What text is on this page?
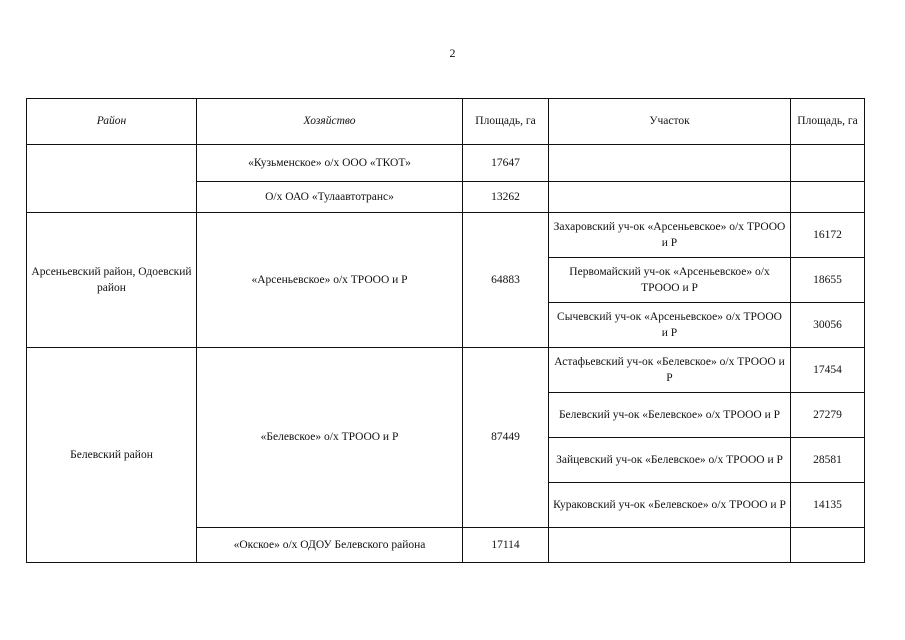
2
Район	Хозяйство	Площадь, га	Участок	Площадь, га
	«Кузьменское» о/х ООО «ТКОТ»	17647		
	О/х ОАО «Тулаавтотранс»	13262		
Арсеньевский район, Одоевский район	«Арсеньевское» о/х ТРООО и Р	64883	Захаровский уч-ок «Арсеньевское» о/х ТРООО и Р	16172
			Первомайский уч-ок «Арсеньевское» о/х ТРООО и Р	18655
			Сычевский уч-ок «Арсеньевское» о/х ТРООО и Р	30056
Белевский район	«Белевское» о/х ТРООО и Р	87449	Астафьевский уч-ок «Белевское» о/х ТРООО и Р	17454
			Белевский уч-ок «Белевское» о/х ТРООО и Р	27279
			Зайцевский уч-ок «Белевское» о/х ТРООО и Р	28581
			Кураковский уч-ок «Белевское» о/х ТРООО и Р	14135
	«Окское» о/х ОДОУ Белевского района	17114		
